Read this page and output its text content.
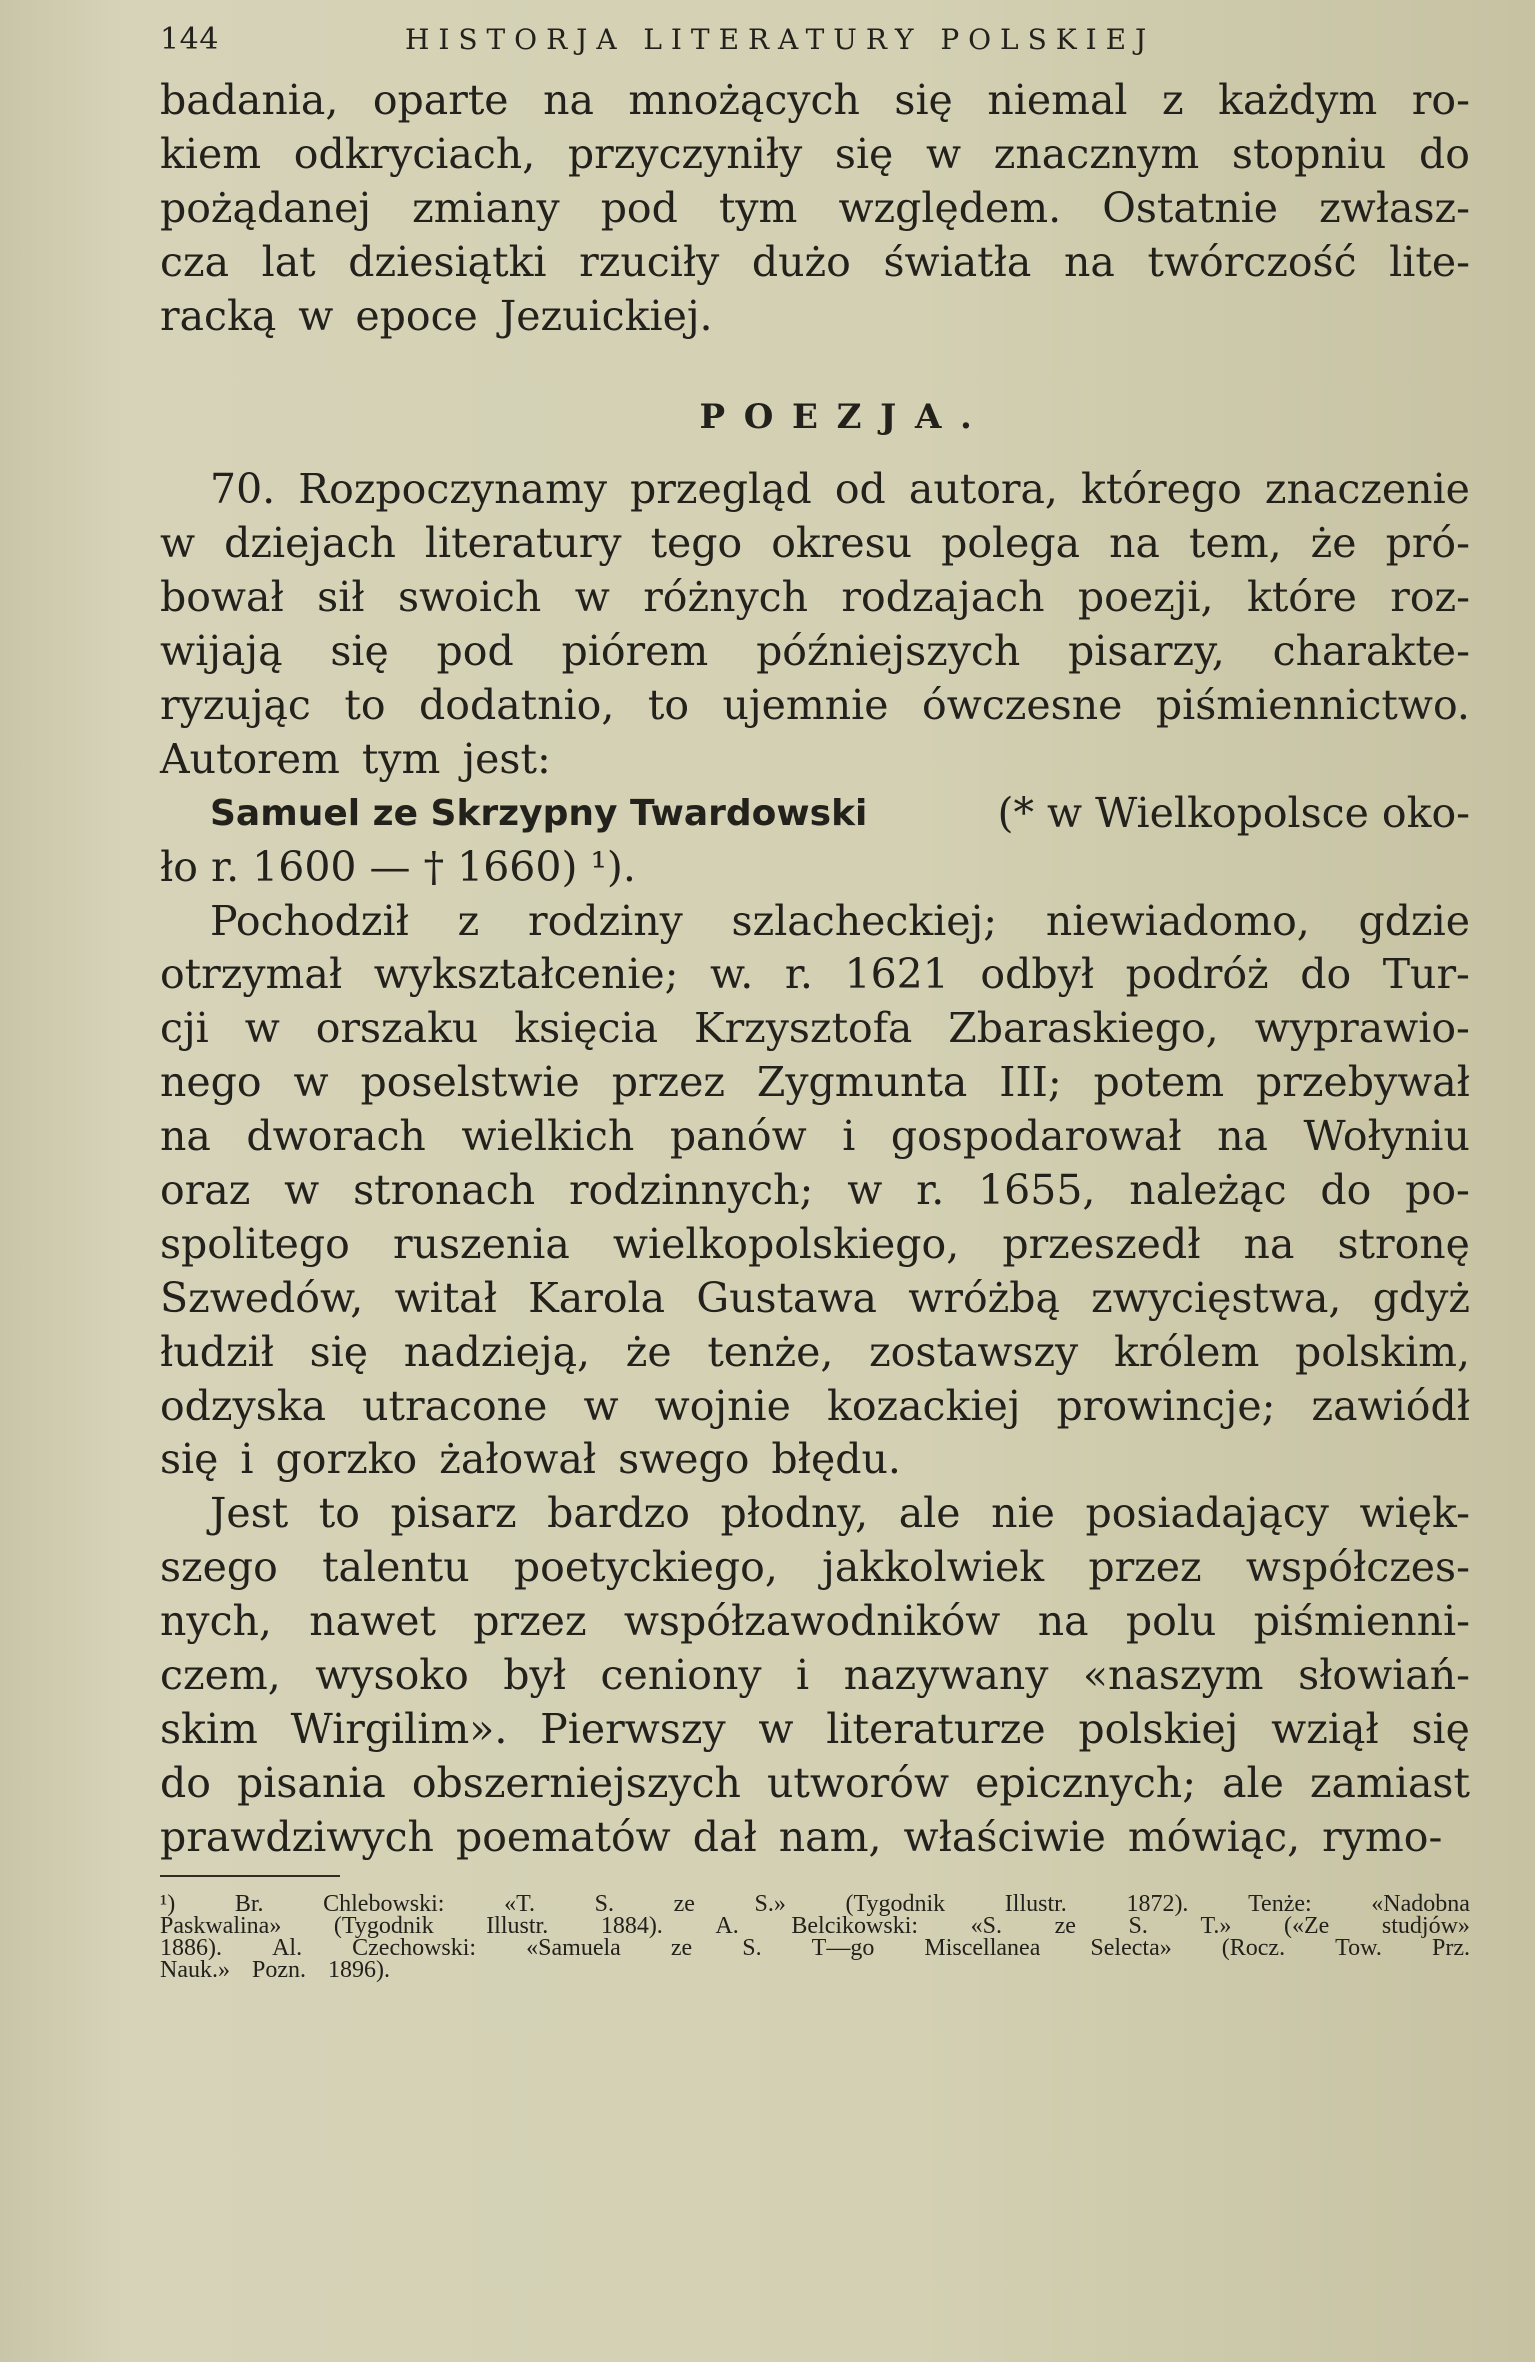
144	HISTORJA LITERATURY POLSKIEJ
badania, oparte na mnożących się niemal z każdym ro-
kiem odkryciach, przyczyniły się w znacznym stopniu do
pożądanej zmiany pod tym względem. Ostatnie zwłasz-
cza lat dziesiątki rzuciły dużo światła na twórczość lite-
racką w epoce Jezuickiej.
POEZJA.
70. Rozpoczynamy przegląd od autora, którego znaczenie
w dziejach literatury tego okresu polega na tem, że pró-
bował sił swoich w różnych rodzajach poezji, które roz-
wijają się pod piórem późniejszych pisarzy, charakte-
ryzując to dodatnio, to ujemnie ówczesne piśmiennictwo.
Autorem tym jest:
Samuel ze Skrzypny Twardowski	(* w Wielkopolsce oko-
ło r. 1600 — † 1660) ¹).
Pochodził z rodziny szlacheckiej; niewiadomo, gdzie
otrzymał wykształcenie; w. r. 1621 odbył podróż do Tur-
cji w orszaku księcia Krzysztofa Zbaraskiego, wyprawio-
nego w poselstwie przez Zygmunta III; potem przebywał
na dworach wielkich panów i gospodarował na Wołyniu
oraz w stronach rodzinnych; w r. 1655, należąc do po-
spolitego ruszenia wielkopolskiego, przeszedł na stronę
Szwedów, witał Karola Gustawa wróżbą zwycięstwa, gdyż
łudził się nadzieją, że tenże, zostawszy królem polskim,
odzyska utracone w wojnie kozackiej prowincje; zawiódł
się i gorzko żałował swego błędu.
Jest to pisarz bardzo płodny, ale nie posiadający więk-
szego talentu poetyckiego, jakkolwiek przez współczes-
nych, nawet przez współzawodników na polu piśmienni-
czem, wysoko był ceniony i nazywany «naszym słowiań-
skim Wirgilim». Pierwszy w literaturze polskiej wziął się
do pisania obszerniejszych utworów epicznych; ale zamiast
prawdziwych poematów dał nam, właściwie mówiąc, rymo-
¹) Br. Chlebowski: «T. S. ze S.» (Tygodnik Illustr. 1872). Tenże: «Nadobna
Paskwalina» (Tygodnik Illustr. 1884). A. Belcikowski: «S. ze S. T.» («Ze studjów»
1886). Al. Czechowski: «Samuela ze S. T—go Miscellanea Selecta» (Rocz. Tow. Prz.
Nauk.» Pozn. 1896).
